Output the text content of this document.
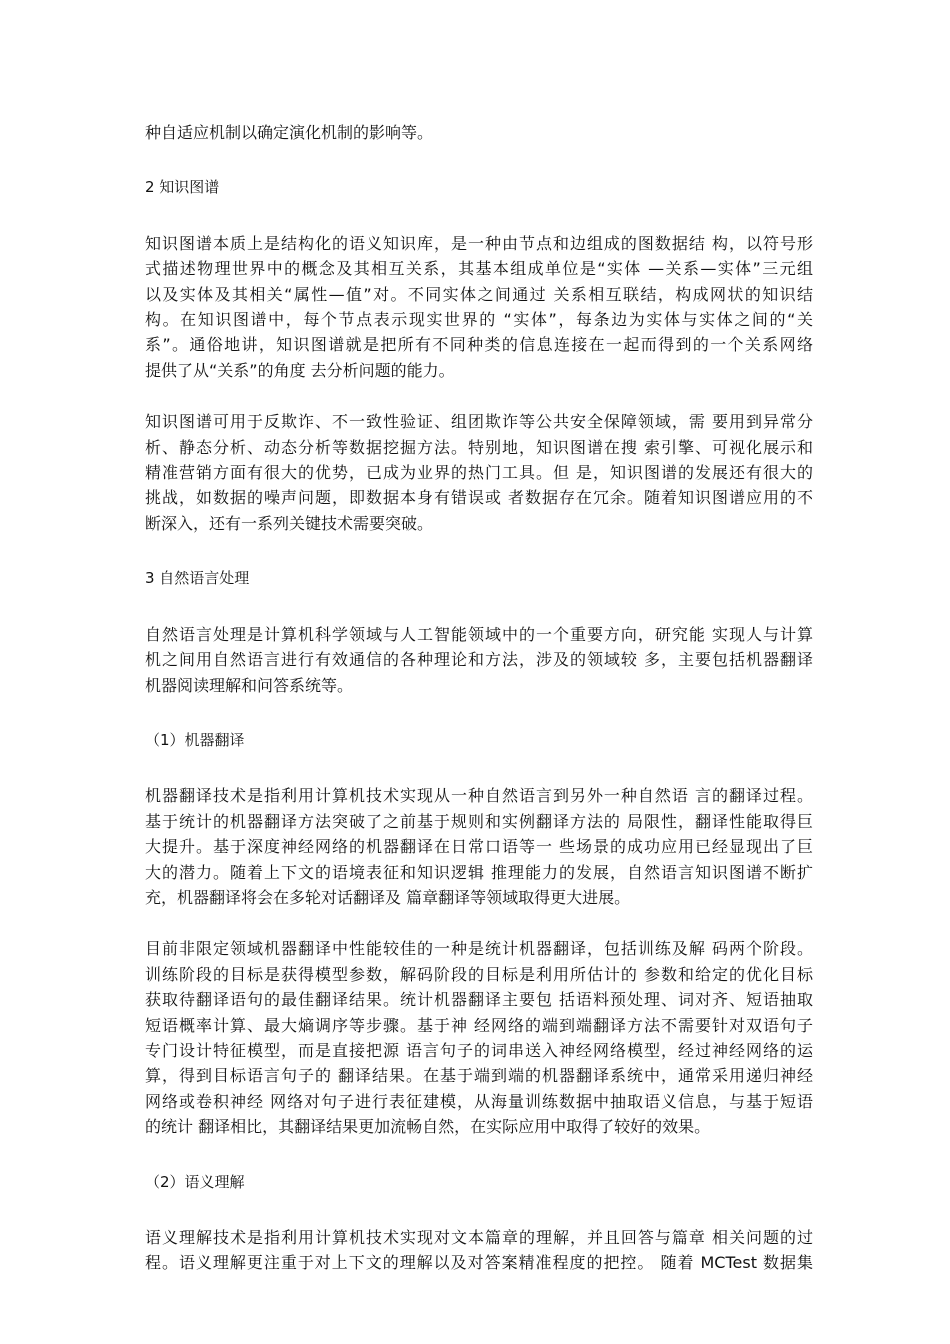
种自适应机制以确定演化机制的影响等。

2 知识图谱

知识图谱本质上是结构化的语义知识库，是一种由节点和边组成的图数据结 构，以符号形
式描述物理世界中的概念及其相互关系，其基本组成单位是“实体 —关系—实体”三元组
以及实体及其相关“属性—值”对。不同实体之间通过 关系相互联结，构成网状的知识结
构。在知识图谱中，每个节点表示现实世界的 “实体”，每条边为实体与实体之间的“关
系”。通俗地讲，知识图谱就是把所有不同种类的信息连接在一起而得到的一个关系网络
提供了从“关系”的角度 去分析问题的能力。

知识图谱可用于反欺诈、不一致性验证、组团欺诈等公共安全保障领域，需 要用到异常分
析、静态分析、动态分析等数据挖掘方法。特别地，知识图谱在搜 索引擎、可视化展示和
精准营销方面有很大的优势，已成为业界的热门工具。但 是，知识图谱的发展还有很大的
挑战，如数据的噪声问题，即数据本身有错误或 者数据存在冗余。随着知识图谱应用的不
断深入，还有一系列关键技术需要突破。

3 自然语言处理

自然语言处理是计算机科学领域与人工智能领域中的一个重要方向，研究能 实现人与计算
机之间用自然语言进行有效通信的各种理论和方法，涉及的领域较 多，主要包括机器翻译
机器阅读理解和问答系统等。

（1）机器翻译

机器翻译技术是指利用计算机技术实现从一种自然语言到另外一种自然语 言的翻译过程。
基于统计的机器翻译方法突破了之前基于规则和实例翻译方法的 局限性，翻译性能取得巨
大提升。基于深度神经网络的机器翻译在日常口语等一 些场景的成功应用已经显现出了巨
大的潜力。随着上下文的语境表征和知识逻辑 推理能力的发展，自然语言知识图谱不断扩
充，机器翻译将会在多轮对话翻译及 篇章翻译等领域取得更大进展。

目前非限定领域机器翻译中性能较佳的一种是统计机器翻译，包括训练及解 码两个阶段。
训练阶段的目标是获得模型参数，解码阶段的目标是利用所估计的 参数和给定的优化目标
获取待翻译语句的最佳翻译结果。统计机器翻译主要包 括语料预处理、词对齐、短语抽取
短语概率计算、最大熵调序等步骤。基于神 经网络的端到端翻译方法不需要针对双语句子
专门设计特征模型，而是直接把源 语言句子的词串送入神经网络模型，经过神经网络的运
算，得到目标语言句子的 翻译结果。在基于端到端的机器翻译系统中，通常采用递归神经
网络或卷积神经 网络对句子进行表征建模，从海量训练数据中抽取语义信息，与基于短语
的统计 翻译相比，其翻译结果更加流畅自然，在实际应用中取得了较好的效果。

（2）语义理解

语义理解技术是指利用计算机技术实现对文本篇章的理解，并且回答与篇章 相关问题的过
程。语义理解更注重于对上下文的理解以及对答案精准程度的把控。 随着 MCTest 数据集
